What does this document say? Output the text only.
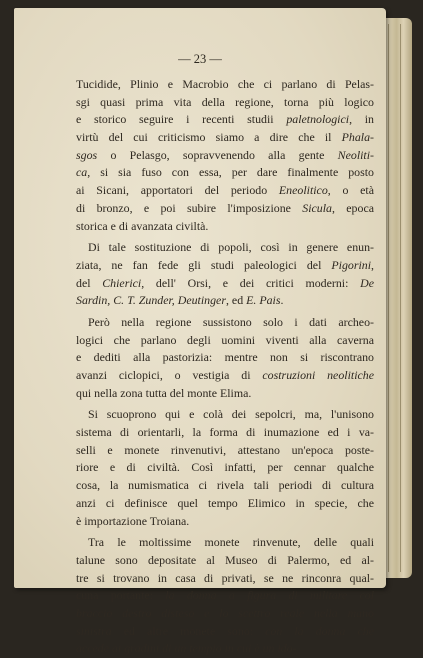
— 23 —
Tucidide, Plinio e Macrobio che ci parlano di Pelas-
sgi quasi prima vita della regione, torna più logico
e storico seguire i recenti studii paletnologici, in
virtù del cui criticismo siamo a dire che il Phala-
sgos o Pelasgo, sopravvenendo alla gente Neoliti-
ca, si sia fuso con essa, per dare finalmente posto
ai Sicani, apportatori del periodo Eneolitico, o età
di bronzo, e poi subire l'imposizione Sicula, epoca
storica e di avanzata civiltà.
Di tale sostituzione di popoli, così in genere enun-
ziata, ne fan fede gli studi paleologici del Pigorini,
del Chierici, dell' Orsi, e dei critici moderni: De
Sardin, C. T. Zunder, Deutinger, ed E. Pais.
Però nella regione sussistono solo i dati archeo-
logici che parlano degli uomini viventi alla caverna
e dediti alla pastorizia: mentre non si riscontrano
avanzi ciclopici, o vestigia di costruzioni neolitiche
qui nella zona tutta del monte Elima.
Si scuoprono qui e colà dei sepolcri, ma, l'unisono
sistema di orientarli, la forma di inumazione ed i va-
selli e monete rinvenutivi, attestano un'epoca poste-
riore e di civiltà. Così infatti, per cennar qualche
cosa, la numismatica ci rivela tali periodi di cultura
anzi ci definisce quel tempo Elimico in specie, che
è importazione Troiana.
Tra le moltissime monete rinvenute, delle quali
talune sono depositate al Museo di Palermo, ed al-
tre si trovano in casa di privati, se ne rinconra qual-
cuna portante: la donna a figura di militare col
braccio destro disteso e lo scettro reale nella mano
sinistra ed altre monete sono: con la donna che
accede ai gradini di un tempio in cui è un ido-
